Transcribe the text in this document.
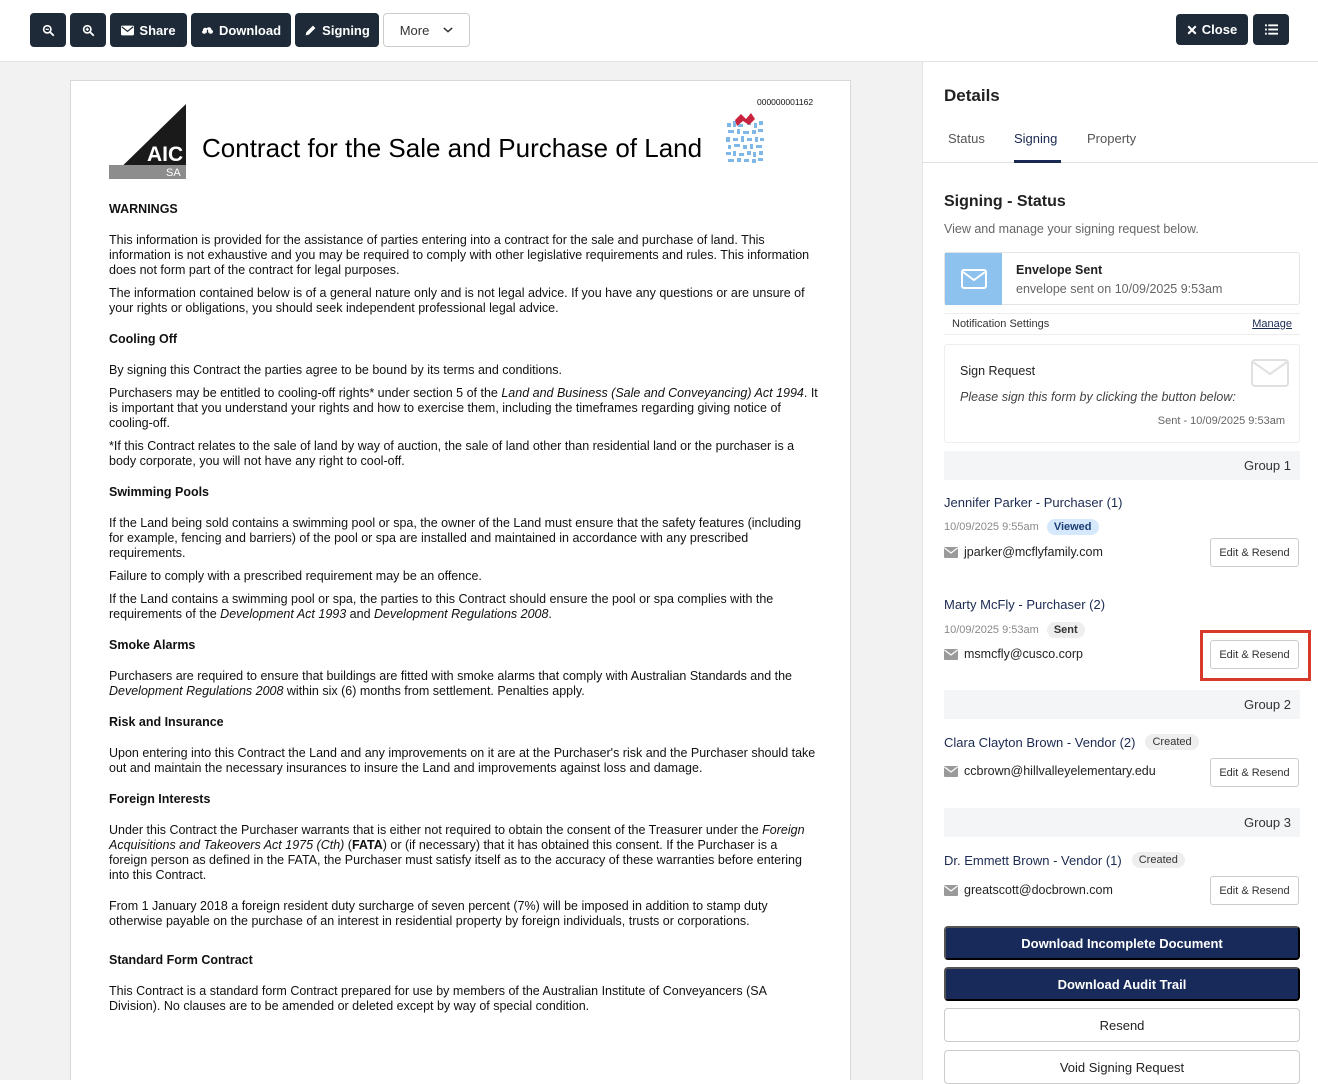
Share	Download	Signing More	Close
000000001162
AIC
SA
Contract for the Sale and Purchase of Land
WARNINGS

This information is provided for the assistance of parties entering into a contract for the sale and purchase of land. This information is not exhaustive and you may be required to comply with other legislative requirements and rules. This information does not form part of the contract for legal purposes.

The information contained below is of a general nature only and is not legal advice. If you have any questions or are unsure of your rights or obligations, you should seek independent professional legal advice.

Cooling Off

By signing this Contract the parties agree to be bound by its terms and conditions.

Purchasers may be entitled to cooling-off rights* under section 5 of the Land and Business (Sale and Conveyancing) Act 1994. It is important that you understand your rights and how to exercise them, including the timeframes regarding giving notice of cooling-off.

*If this Contract relates to the sale of land by way of auction, the sale of land other than residential land or the purchaser is a body corporate, you will not have any right to cool-off.

Swimming Pools

If the Land being sold contains a swimming pool or spa, the owner of the Land must ensure that the safety features (including for example, fencing and barriers) of the pool or spa are installed and maintained in accordance with any prescribed requirements.

Failure to comply with a prescribed requirement may be an offence.

If the Land contains a swimming pool or spa, the parties to this Contract should ensure the pool or spa complies with the requirements of the Development Act 1993 and Development Regulations 2008.

Smoke Alarms

Purchasers are required to ensure that buildings are fitted with smoke alarms that comply with Australian Standards and the Development Regulations 2008 within six (6) months from settlement. Penalties apply.

Risk and Insurance

Upon entering into this Contract the Land and any improvements on it are at the Purchaser's risk and the Purchaser should take out and maintain the necessary insurances to insure the Land and improvements against loss and damage.

Foreign Interests

Under this Contract the Purchaser warrants that is either not required to obtain the consent of the Treasurer under the Foreign Acquisitions and Takeovers Act 1975 (Cth) (FATA) or (if necessary) that it has obtained this consent. If the Purchaser is a foreign person as defined in the FATA, the Purchaser must satisfy itself as to the accuracy of these warranties before entering into this Contract.

From 1 January 2018 a foreign resident duty surcharge of seven percent (7%) will be imposed in addition to stamp duty otherwise payable on the purchase of an interest in residential property by foreign individuals, trusts or corporations.

Standard Form Contract

This Contract is a standard form Contract prepared for use by members of the Australian Institute of Conveyancers (SA Division). No clauses are to be amended or deleted except by way of special condition.

Details
Status Signing Property
Signing - Status
View and manage your signing request below.
Envelope Sent
envelope sent on 10/09/2025 9:53am
Notification Settings	Manage
Sign Request
Please sign this form by clicking the button below:
Sent - 10/09/2025 9:53am
Group 1
Jennifer Parker - Purchaser (1)
10/09/2025 9:55am	Viewed
jparker@mcflyfamily.com	Edit & Resend
Marty McFly - Purchaser (2)
10/09/2025 9:53am	Sent
msmcfly@cusco.corp	Edit & Resend
Group 2
Clara Clayton Brown - Vendor (2)	Created
ccbrown@hillvalleyelementary.edu	Edit & Resend
Group 3
Dr. Emmett Brown - Vendor (1)	Created
greatscott@docbrown.com	Edit & Resend
Download Incomplete Document
Download Audit Trail
Resend
Void Signing Request
